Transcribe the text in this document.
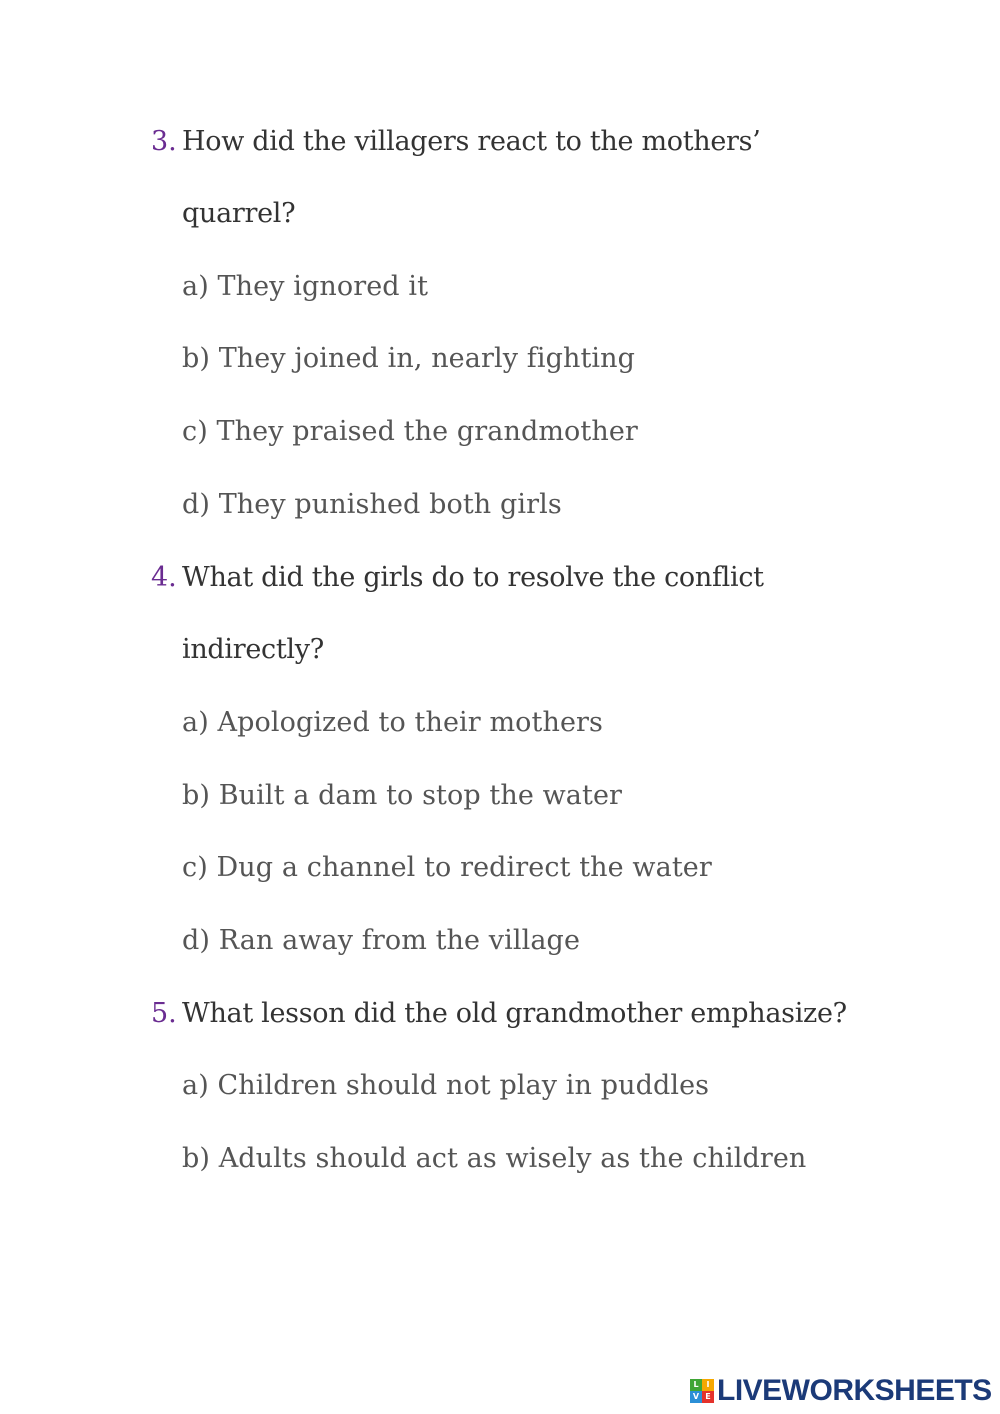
3. How did the villagers react to the mothers’
quarrel?
a) They ignored it
b) They joined in, nearly fighting
c) They praised the grandmother
d) They punished both girls
4. What did the girls do to resolve the conflict
indirectly?
a) Apologized to their mothers
b) Built a dam to stop the water
c) Dug a channel to redirect the water
d) Ran away from the village
5. What lesson did the old grandmother emphasize?
a) Children should not play in puddles
b) Adults should act as wisely as the children
L I
V E LIVEWORKSHEETS
